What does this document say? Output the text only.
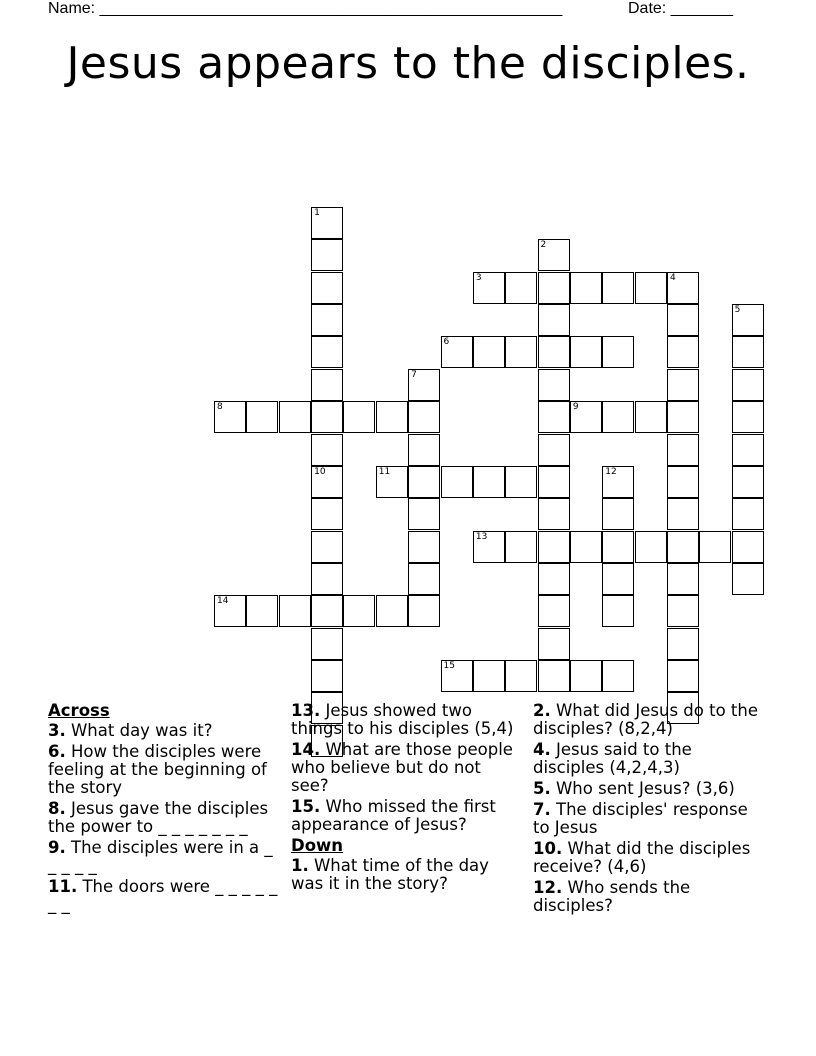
Name: ____________________________________________________	Date: _______
Jesus appears to the disciples.
1
2
3	4
5
6
7
8	9
10	11	12
13
14
15
Across
3. What day was it?
6. How the disciples were feeling at the beginning of the story
8. Jesus gave the disciples the power to _ _ _ _ _ _ _
9. The disciples were in a _ _ _ _ _
11. The doors were _ _ _ _ _ _ _
13. Jesus showed two things to his disciples (5,4)
14. What are those people who believe but do not see?
15. Who missed the first appearance of Jesus?
Down
1. What time of the day was it in the story?
2. What did Jesus do to the disciples? (8,2,4)
4. Jesus said to the disciples (4,2,4,3)
5. Who sent Jesus? (3,6)
7. The disciples' response to Jesus
10. What did the disciples receive? (4,6)
12. Who sends the disciples?
